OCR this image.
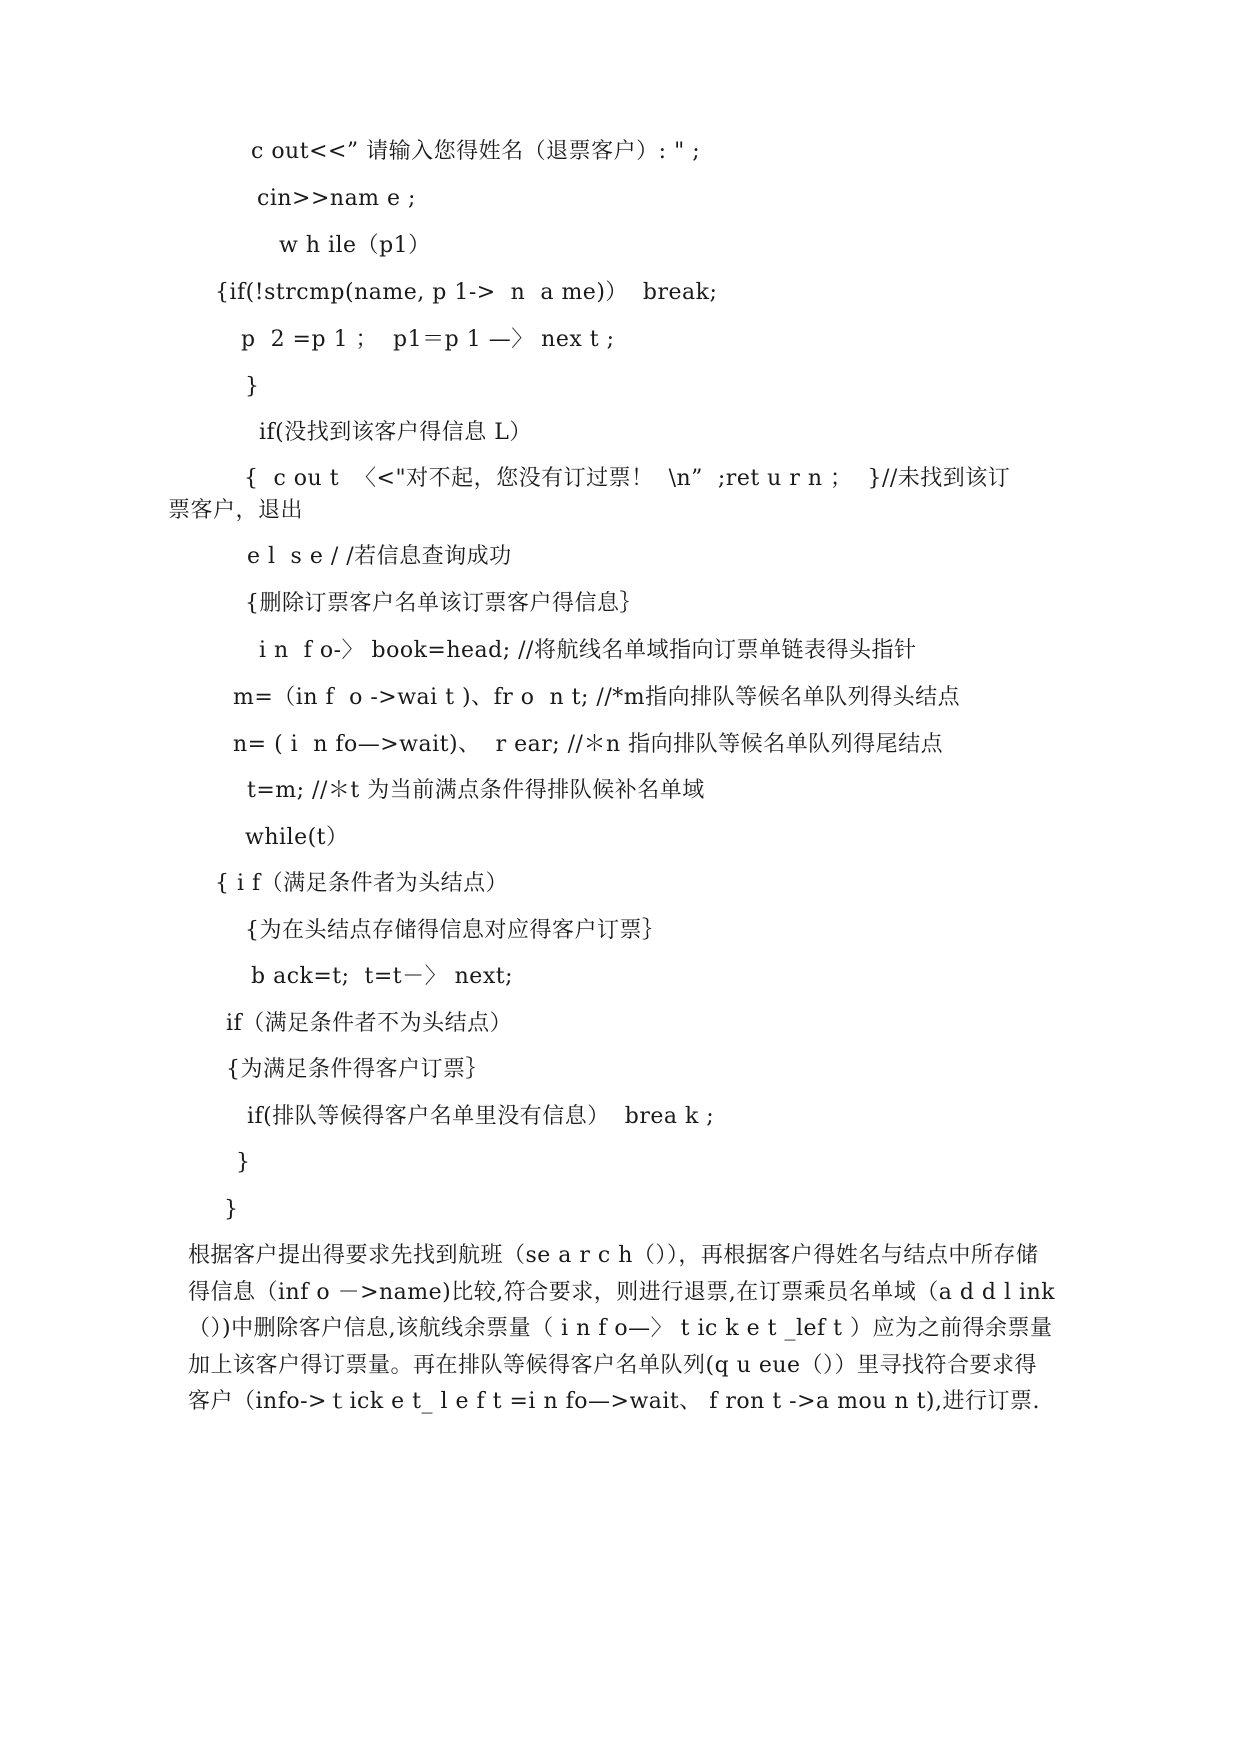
c out<<” 请输入您得姓名（退票客户）: " ;
cin>>nam e ;
w h ile（p1）
{if(!strcmp(name, p 1->  n  a me)）  break;
p  2 =p 1 ；  p1＝p 1 —〉 nex t ;
}
if(没找到该客户得信息 L）
{  c ou t  〈<"对不起，您没有订过票！  \n”  ;ret u r n ；  }//未找到该订
票客户，退出
e l  s e / /若信息查询成功
{删除订票客户名单该订票客户得信息｝
i n  f o-〉 book=head; //将航线名单域指向订票单链表得头指针
m=（in f  o ->wai t )、fr o  n t; //*m指向排队等候名单队列得头结点
n= ( i  n fo—>wait)、  r ear; //＊n 指向排队等候名单队列得尾结点
t=m; //＊t 为当前满点条件得排队候补名单域
while(t）
{ i f（满足条件者为头结点）
{为在头结点存储得信息对应得客户订票｝
b ack=t;  t=t－〉 next;
if（满足条件者不为头结点）
{为满足条件得客户订票｝
if(排队等候得客户名单里没有信息）  brea k ;
}
}
根据客户提出得要求先找到航班（se a r c h（）），再根据客户得姓名与结点中所存储得信息（inf o －>name)比较,符合要求，则进行退票,在订票乘员名单域（a d d l ink（）)中删除客户信息,该航线余票量（ i n f o—〉 t ic k e t _lef t ）应为之前得余票量加上该客户得订票量。再在排队等候得客户名单队列(q u eue（））里寻找符合要求得客户（info->ｔick e t_ l e f t =i n fo—>wait、 f ron t ->a mou n t),进行订票.
